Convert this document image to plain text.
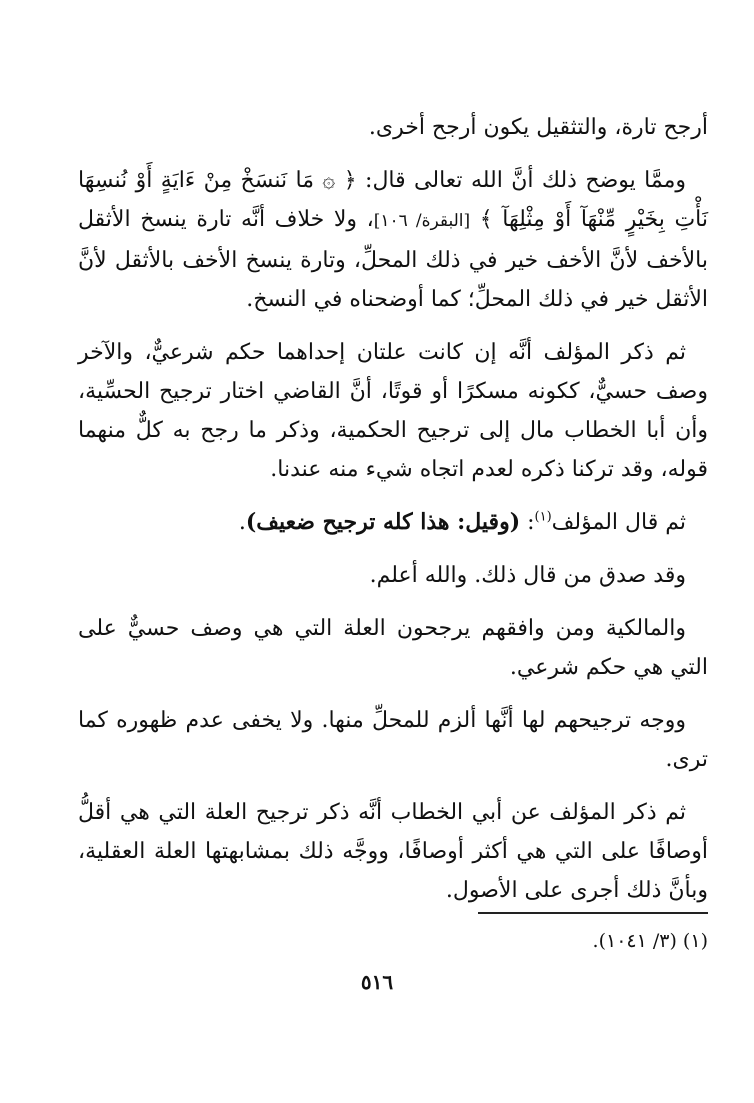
أرجح تارة، والتثقيل يكون أرجح أخرى.

وممَّا يوضح ذلك أنَّ الله تعالى قال: ﴿ ۞ مَا نَنسَخْ مِنْ ءَايَةٍ أَوْ نُنسِهَا نَأْتِ بِخَيْرٍ مِّنْهَآ أَوْ مِثْلِهَآ ﴾ [البقرة/ ١٠٦]، ولا خلاف أنَّه تارة ينسخ الأثقل بالأخف لأنَّ الأخف خير في ذلك المحلِّ، وتارة ينسخ الأخف بالأثقل لأنَّ الأثقل خير في ذلك المحلِّ؛ كما أوضحناه في النسخ.

ثم ذكر المؤلف أنَّه إن كانت علتان إحداهما حكم شرعيٌّ، والآخر وصف حسيٌّ، ككونه مسكرًا أو قوتًا، أنَّ القاضي اختار ترجيح الحسِّية، وأن أبا الخطاب مال إلى ترجيح الحكمية، وذكر ما رجح به كلٌّ منهما قوله، وقد تركنا ذكره لعدم اتجاه شيء منه عندنا.

ثم قال المؤلف$^{(١)}$: (وقيل: هذا كله ترجيح ضعيف).

وقد صدق من قال ذلك. والله أعلم.

والمالكية ومن وافقهم يرجحون العلة التي هي وصف حسيٌّ على التي هي حكم شرعي.

ووجه ترجيحهم لها أنَّها ألزم للمحلِّ منها. ولا يخفى عدم ظهوره كما ترى.

ثم ذكر المؤلف عن أبي الخطاب أنَّه ذكر ترجيح العلة التي هي أقلُّ أوصافًا على التي هي أكثر أوصافًا، ووجَّه ذلك بمشابهتها العلة العقلية، وبأنَّ ذلك أجرى على الأصول.

(١) (٣/ ١٠٤١).
٥١٦
